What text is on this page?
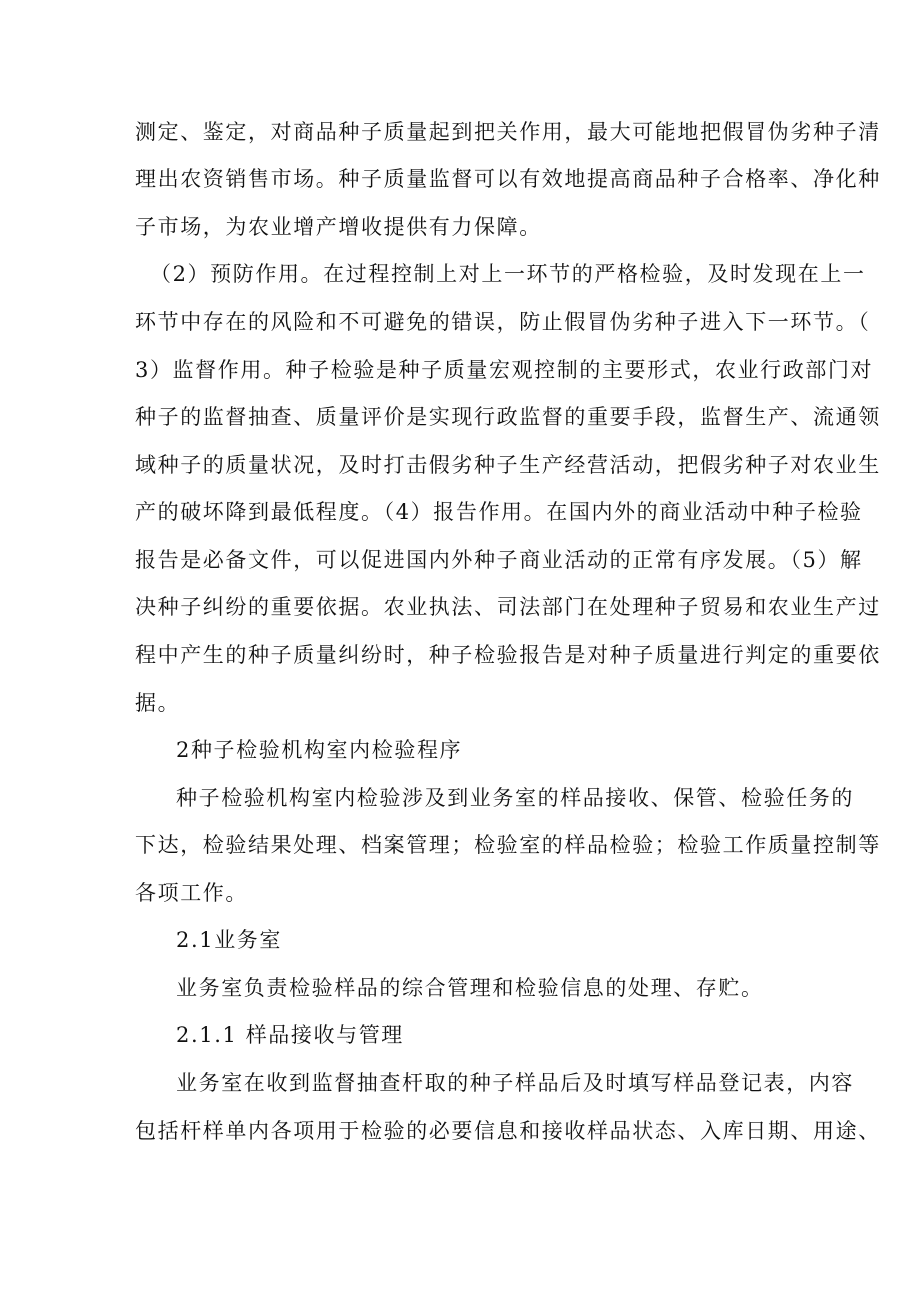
测定、鉴定，对商品种子质量起到把关作用，最大可能地把假冒伪劣种子清
理出农资销售市场。种子质量监督可以有效地提高商品种子合格率、净化种
子市场，为农业增产增收提供有力保障。
（2）预防作用。在过程控制上对上一环节的严格检验，及时发现在上一
环节中存在的风险和不可避免的错误，防止假冒伪劣种子进入下一环节。（
3）监督作用。种子检验是种子质量宏观控制的主要形式，农业行政部门对
种子的监督抽查、质量评价是实现行政监督的重要手段，监督生产、流通领
域种子的质量状况，及时打击假劣种子生产经营活动，把假劣种子对农业生
产的破坏降到最低程度。（4）报告作用。在国内外的商业活动中种子检验
报告是必备文件，可以促进国内外种子商业活动的正常有序发展。（5）解
决种子纠纷的重要依据。农业执法、司法部门在处理种子贸易和农业生产过
程中产生的种子质量纠纷时，种子检验报告是对种子质量进行判定的重要依
据。
2种子检验机构室内检验程序
种子检验机构室内检验涉及到业务室的样品接收、保管、检验任务的
下达，检验结果处理、档案管理；检验室的样品检验；检验工作质量控制等
各项工作。
2.1业务室
业务室负责检验样品的综合管理和检验信息的处理、存贮。
2.1.1 样品接收与管理
业务室在收到监督抽查杆取的种子样品后及时填写样品登记表，内容
包括杆样单内各项用于检验的必要信息和接收样品状态、入库日期、用途、
